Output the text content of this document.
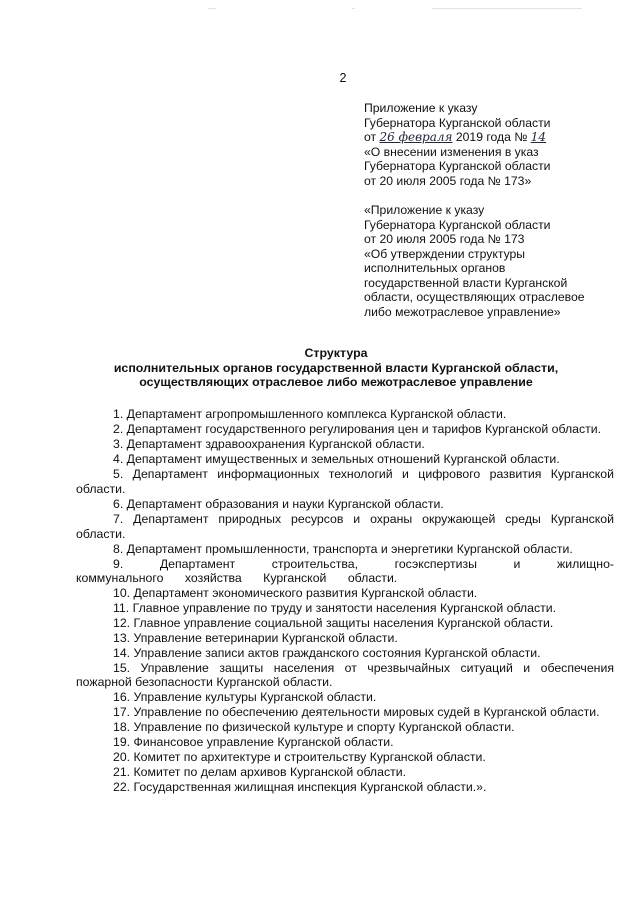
2
Приложение к указу
Губернатора Курганской области
от 26 февраля 2019 года № 14
«О внесении изменения в указ
Губернатора Курганской области
от 20 июля 2005 года № 173»
«Приложение к указу
Губернатора Курганской области
от 20 июля 2005 года № 173
«Об утверждении структуры
исполнительных органов
государственной власти Курганской
области, осуществляющих отраслевое
либо межотраслевое управление»
Структура
исполнительных органов государственной власти Курганской области,
осуществляющих отраслевое либо межотраслевое управление
1. Департамент агропромышленного комплекса Курганской области.
2. Департамент государственного регулирования цен и тарифов Курганской области.
3. Департамент здравоохранения Курганской области.
4. Департамент имущественных и земельных отношений Курганской области.
5. Департамент информационных технологий и цифрового развития Курганской области.
6. Департамент образования и науки Курганской области.
7. Департамент природных ресурсов и охраны окружающей среды Курганской области.
8. Департамент промышленности, транспорта и энергетики Курганской области.
9. Департамент строительства, госэкспертизы и жилищно-коммунального хозяйства Курганской области.
10. Департамент экономического развития Курганской области.
11. Главное управление по труду и занятости населения Курганской области.
12. Главное управление социальной защиты населения Курганской области.
13. Управление ветеринарии Курганской области.
14. Управление записи актов гражданского состояния Курганской области.
15. Управление защиты населения от чрезвычайных ситуаций и обеспечения пожарной безопасности Курганской области.
16. Управление культуры Курганской области.
17. Управление по обеспечению деятельности мировых судей в Курганской области.
18. Управление по физической культуре и спорту Курганской области.
19. Финансовое управление Курганской области.
20. Комитет по архитектуре и строительству Курганской области.
21. Комитет по делам архивов Курганской области.
22. Государственная жилищная инспекция Курганской области.».
